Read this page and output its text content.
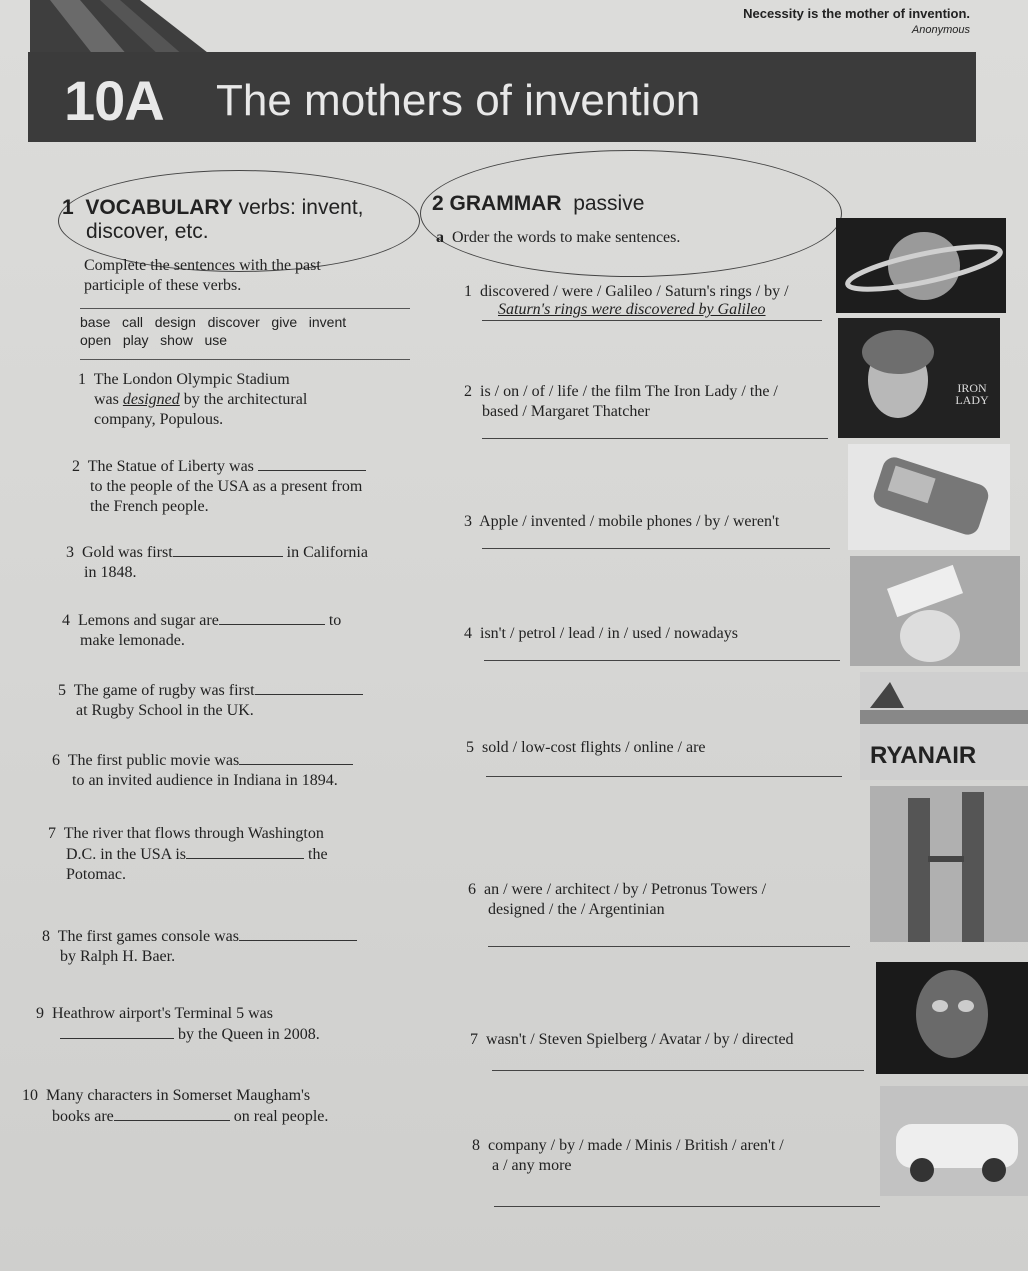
Necessity is the mother of invention.
Anonymous
10A The mothers of invention
1 VOCABULARY verbs: invent,
discover, etc.
Complete the sentences with the past
participle of these verbs.
base   call   design   discover   give   invent
open   play   show   use
1 The London Olympic Stadium
was designed by the architectural
company, Populous.
2 The Statue of Liberty was
to the people of the USA as a present from
the French people.
3 Gold was first	in California
in 1848.
4 Lemons and sugar are	to
make lemonade.
5 The game of rugby was first
at Rugby School in the UK.
6 The first public movie was
to an invited audience in Indiana in 1894.
7 The river that flows through Washington
D.C. in the USA is	the
Potomac.
8 The first games console was
by Ralph H. Baer.
9 Heathrow airport's Terminal 5 was
by the Queen in 2008.
10 Many characters in Somerset Maugham's
books are	on real people.
2 GRAMMAR passive
a Order the words to make sentences.
1 discovered / were / Galileo / Saturn's rings / by /
Saturn's rings were discovered by Galileo
2 is / on / of / life / the film The Iron Lady / the /
based / Margaret Thatcher
3 Apple / invented / mobile phones / by / weren't
4 isn't / petrol / lead / in / used / nowadays
5 sold / low-cost flights / online / are
6 an / were / architect / by / Petronus Towers /
designed / the / Argentinian
7 wasn't / Steven Spielberg / Avatar / by / directed
8 company / by / made / Minis / British / aren't /
a / any more
IRON LADY
RYANAIR
